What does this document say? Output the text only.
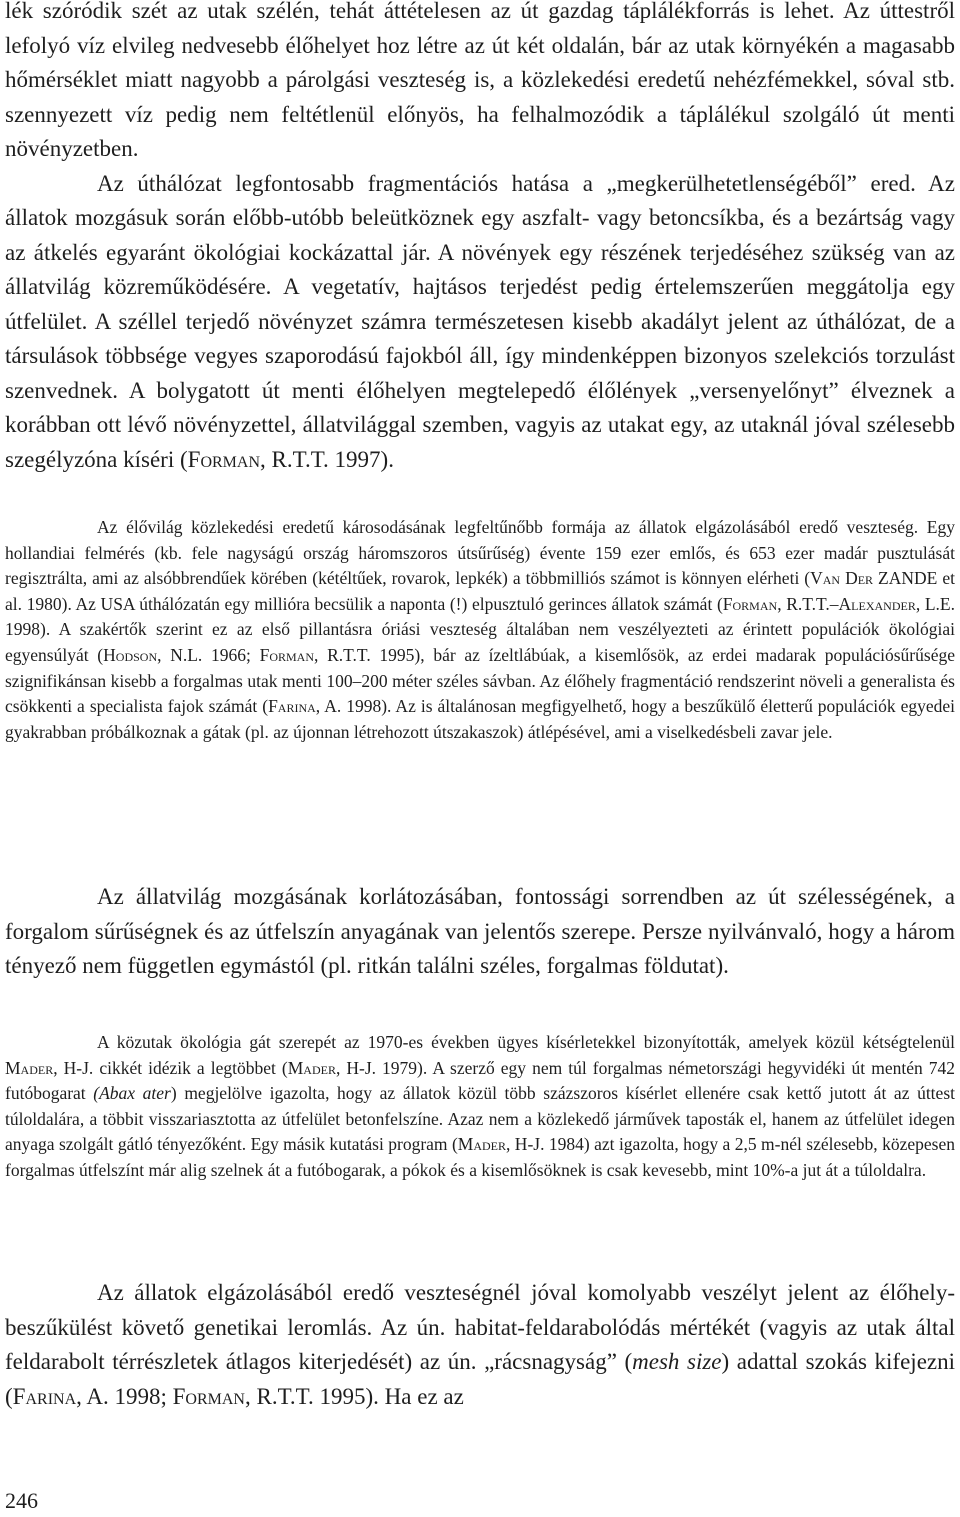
lék szóródik szét az utak szélén, tehát áttételesen az út gazdag táplálékforrás is lehet. Az úttestről lefolyó víz elvileg nedvesebb élőhelyet hoz létre az út két oldalán, bár az utak környékén a magasabb hőmérséklet miatt nagyobb a párolgási veszteség is, a közlekedési eredetű nehézfémekkel, sóval stb. szennyezett víz pedig nem feltétlenül előnyös, ha felhalmozódik a táplálékul szolgáló út menti növényzetben.
Az úthálózat legfontosabb fragmentációs hatása a „megkerülhetetlenségéből” ered. Az állatok mozgásuk során előbb-utóbb beleütköznek egy aszfalt- vagy betoncsíkba, és a bezártság vagy az átkelés egyaránt ökológiai kockázattal jár. A növények egy részének terjedéséhez szükség van az állatvilág közreműködésére. A vegetatív, hajtásos terjedést pedig értelemszerűen meggátolja egy útfelület. A széllel terjedő növényzet számra természetesen kisebb akadályt jelent az úthálózat, de a társulások többsége vegyes szaporodású fajokból áll, így mindenképpen bizonyos szelekciós torzulást szenvednek. A bolygatott út menti élőhelyen megtelepedő élőlények „versenyelőnyt” élveznek a korábban ott lévő növényzettel, állatvilággal szemben, vagyis az utakat egy, az utaknál jóval szélesebb szegélyzóna kíséri (Forman, R.T.T. 1997).

Az élővilág közlekedési eredetű károsodásának legfeltűnőbb formája az állatok elgázolásából eredő veszteség. Egy hollandiai felmérés (kb. fele nagyságú ország háromszoros útsűrűség) évente 159 ezer emlős, és 653 ezer madár pusztulását regisztrálta, ami az alsóbbrendűek körében (kétéltűek, rovarok, lepkék) a többmilliós számot is könnyen elérheti (Van Der ZANDE et al. 1980). Az USA úthálózatán egy millióra becsülik a naponta (!) elpusztuló gerinces állatok számát (Forman, R.T.T.–Alexander, L.E. 1998). A szakértők szerint ez az első pillantásra óriási veszteség általában nem veszélyezteti az érintett populációk ökológiai egyensúlyát (Hodson, N.L. 1966; Forman, R.T.T. 1995), bár az ízeltlábúak, a kisemlősök, az erdei madarak populációsűrűsége szignifikánsan kisebb a forgalmas utak menti 100–200 méter széles sávban. Az élőhely fragmentáció rendszerint növeli a generalista és csökkenti a specialista fajok számát (Farina, A. 1998). Az is általánosan megfigyelhető, hogy a beszűkülő életterű populációk egyedei gyakrabban próbálkoznak a gátak (pl. az újonnan létrehozott útszakaszok) átlépésével, ami a viselkedésbeli zavar jele.

Az állatvilág mozgásának korlátozásában, fontossági sorrendben az út szélességének, a forgalom sűrűségnek és az útfelszín anyagának van jelentős szerepe. Persze nyilvánvaló, hogy a három tényező nem független egymástól (pl. ritkán találni széles, forgalmas földutat).

A közutak ökológia gát szerepét az 1970-es években ügyes kísérletekkel bizonyították, amelyek közül kétségtelenül Mader, H-J. cikkét idézik a legtöbbet (Mader, H-J. 1979). A szerző egy nem túl forgalmas németországi hegyvidéki út mentén 742 futóbogarat (Abax ater) megjelölve igazolta, hogy az állatok közül több százszoros kísérlet ellenére csak kettő jutott át az úttest túloldalára, a többit visszariasztotta az útfelület betonfelszíne. Azaz nem a közlekedő járművek taposták el, hanem az útfelület idegen anyaga szolgált gátló tényezőként. Egy másik kutatási program (Mader, H-J. 1984) azt igazolta, hogy a 2,5 m-nél szélesebb, közepesen forgalmas útfelszínt már alig szelnek át a futóbogarak, a pókok és a kisemlősöknek is csak kevesebb, mint 10%-a jut át a túloldalra.

Az állatok elgázolásából eredő veszteségnél jóval komolyabb veszélyt jelent az élőhely-beszűkülést követő genetikai leromlás. Az ún. habitat-feldarabolódás mértékét (vagyis az utak által feldarabolt térrészletek átlagos kiterjedését) az ún. „rácsnagyság” (mesh size) adattal szokás kifejezni (Farina, A. 1998; Forman, R.T.T. 1995). Ha ez az

246
